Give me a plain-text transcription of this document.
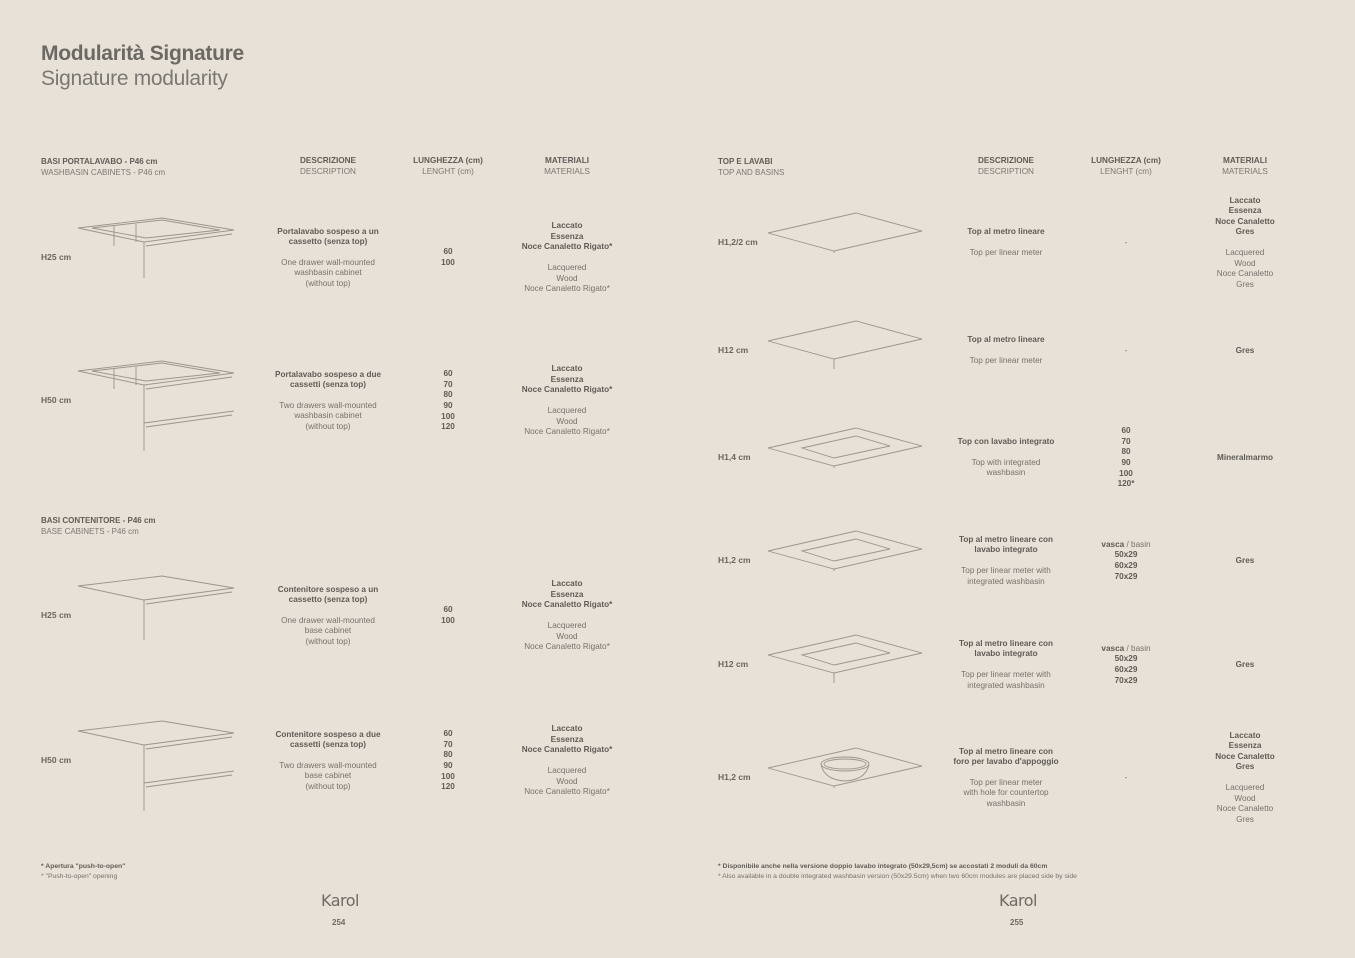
Modularità Signature
Signature modularity
BASI PORTALAVABO - P46 cm
WASHBASIN CABINETS - P46 cm
BASI CONTENITORE - P46 cm
BASE CABINETS - P46 cm
DESCRIZIONE
DESCRIPTION
LUNGHEZZA (cm)
LENGHT (cm)
MATERIALI
MATERIALS
H25 cm
Portalavabo sospeso a un
cassetto (senza top)
One drawer wall-mounted
washbasin cabinet
(without top)
60
100
Laccato
Essenza
Noce Canaletto Rigato*
Lacquered
Wood
Noce Canaletto Rigato*
H50 cm
Portalavabo sospeso a due
cassetti (senza top)
Two drawers wall-mounted
washbasin cabinet
(without top)
60
70
80
90
100
120
Laccato
Essenza
Noce Canaletto Rigato*
Lacquered
Wood
Noce Canaletto Rigato*
H25 cm
Contenitore sospeso a un
cassetto (senza top)
One drawer wall-mounted
base cabinet
(without top)
60
100
Laccato
Essenza
Noce Canaletto Rigato*
Lacquered
Wood
Noce Canaletto Rigato*
H50 cm
Contenitore sospeso a due
cassetti (senza top)
Two drawers wall-mounted
base cabinet
(without top)
60
70
80
90
100
120
Laccato
Essenza
Noce Canaletto Rigato*
Lacquered
Wood
Noce Canaletto Rigato*
* Apertura "push-to-open"
* "Push-to-open" opening
Karol
254
TOP E LAVABI
TOP AND BASINS
DESCRIZIONE
DESCRIPTION
LUNGHEZZA (cm)
LENGHT (cm)
MATERIALI
MATERIALS
H1,2/2 cm
Top al metro lineare
Top per linear meter
-
Laccato
Essenza
Noce Canaletto
Gres
Lacquered
Wood
Noce Canaletto
Gres
H12 cm
Top al metro lineare
Top per linear meter
-	Gres
H1,4 cm
Top con lavabo integrato
Top with integrated
washbasin
60
70
80
90
100
120*
Mineralmarmo
H1,2 cm
Top al metro lineare con
lavabo integrato
Top per linear meter with
integrated washbasin
vasca / basin
50x29
60x29
70x29
Gres
H12 cm
Top al metro lineare con
lavabo integrato
Top per linear meter with
integrated washbasin
vasca / basin
50x29
60x29
70x29
Gres
H1,2 cm
Top al metro lineare con
foro per lavabo d'appoggio
Top per linear meter
with hole for countertop
washbasin
-
Laccato
Essenza
Noce Canaletto
Gres
Lacquered
Wood
Noce Canaletto
Gres
* Disponibile anche nella versione doppio lavabo integrato (50x29,5cm) se accostati 2 moduli da 60cm
* Also available in a double integrated washbasin version (50x29.5cm) when two 60cm modules are placed side by side
Karol
255
